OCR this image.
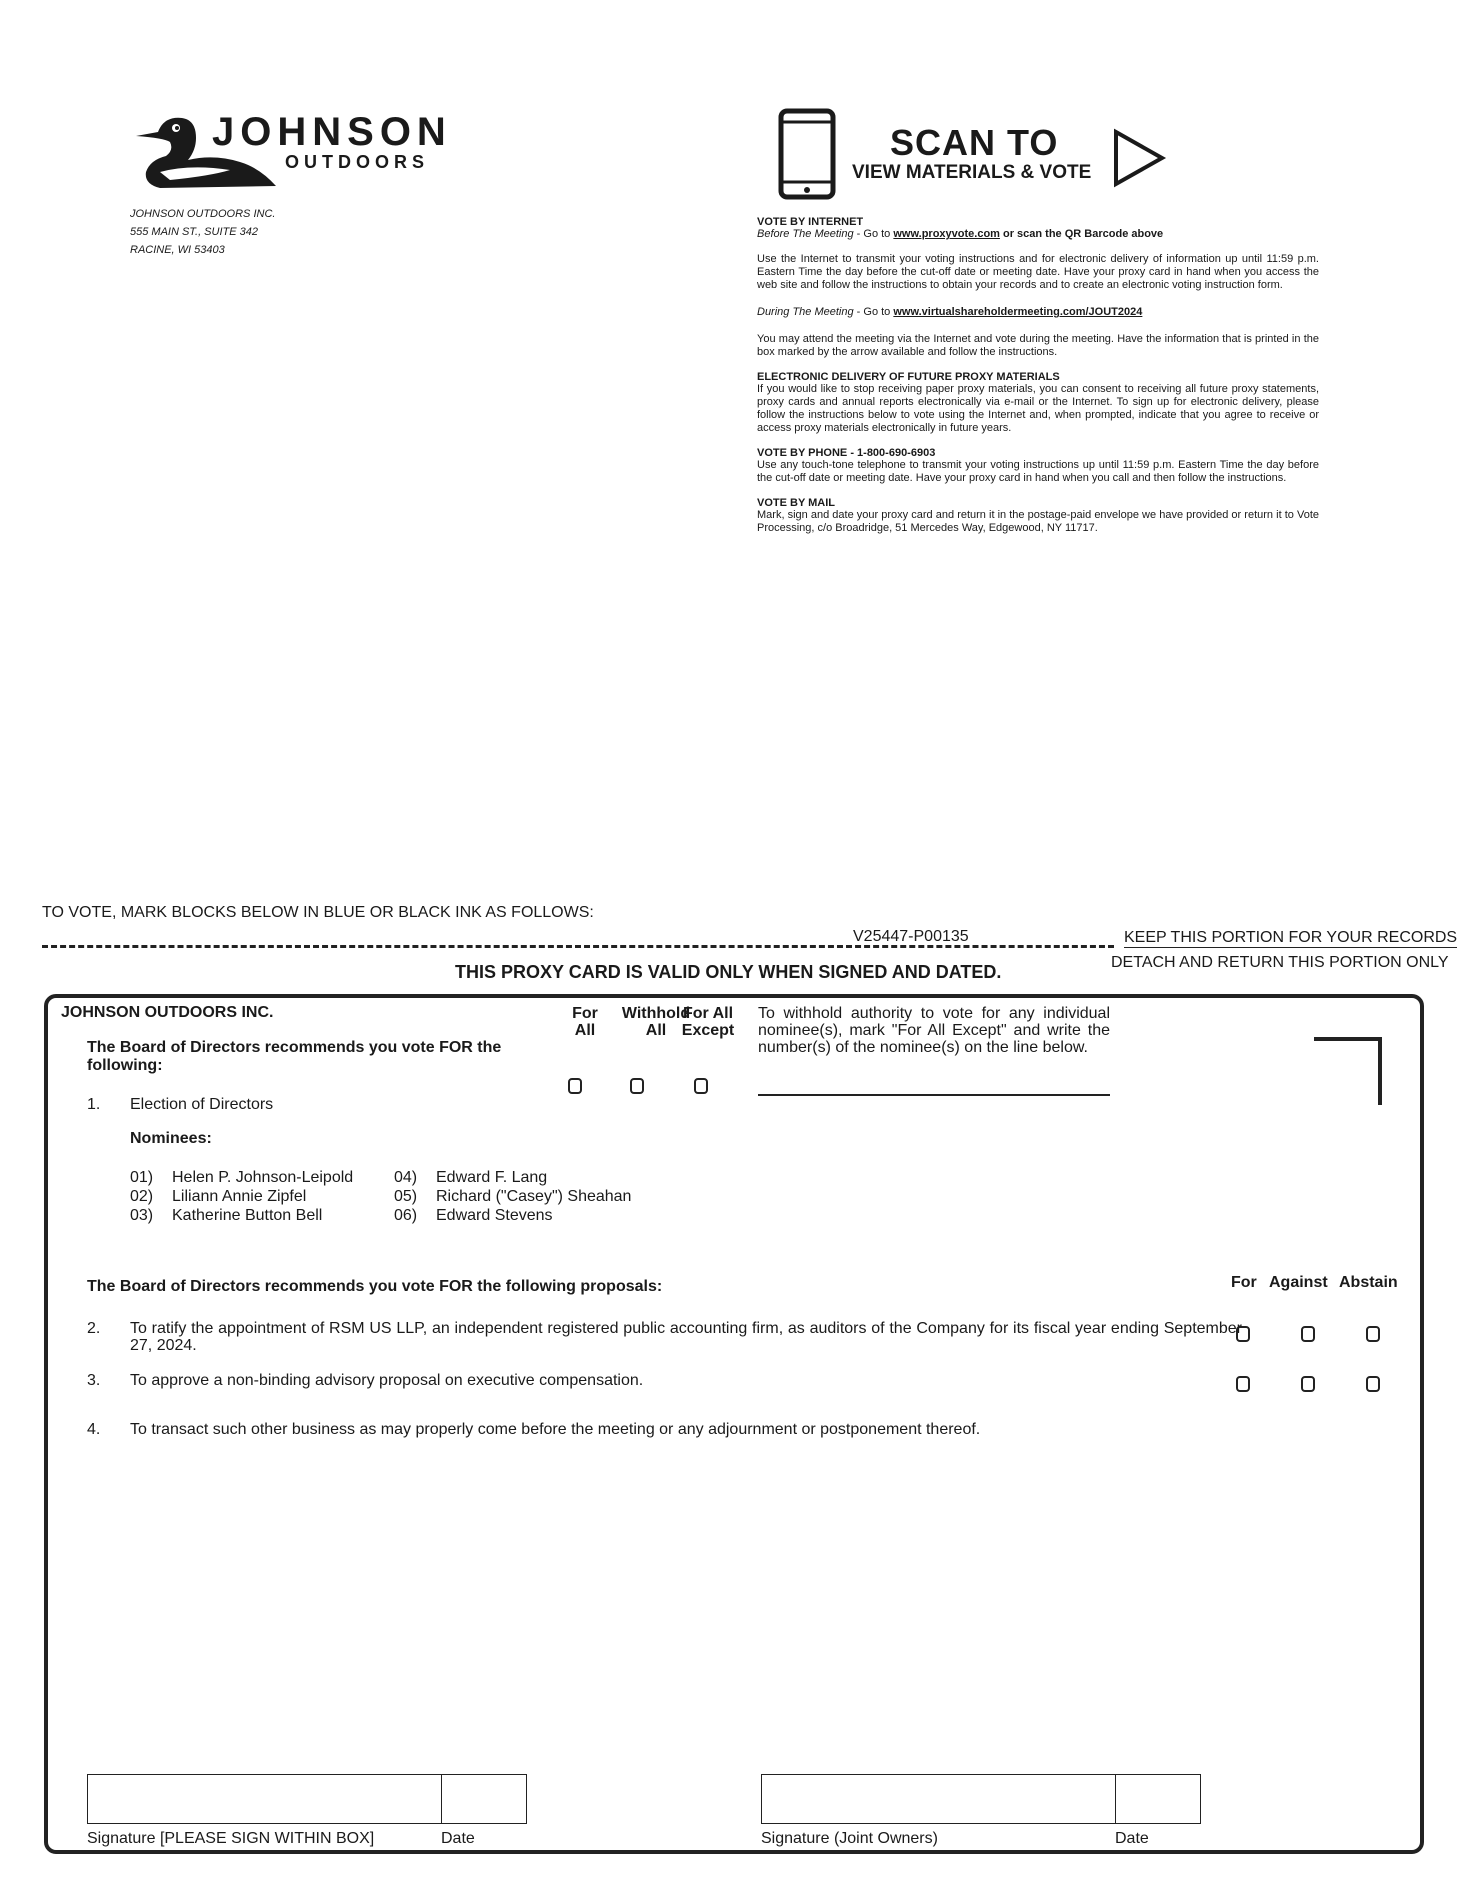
JOHNSON
OUTDOORS
JOHNSON OUTDOORS INC.
555 MAIN ST., SUITE 342
RACINE, WI 53403
SCAN TO
VIEW MATERIALS & VOTE
VOTE BY INTERNET
Before The Meeting - Go to www.proxyvote.com or scan the QR Barcode above
Use the Internet to transmit your voting instructions and for electronic delivery of information up until 11:59 p.m. Eastern Time the day before the cut-off date or meeting date. Have your proxy card in hand when you access the web site and follow the instructions to obtain your records and to create an electronic voting instruction form.
During The Meeting - Go to www.virtualshareholdermeeting.com/JOUT2024
You may attend the meeting via the Internet and vote during the meeting. Have the information that is printed in the box marked by the arrow available and follow the instructions.
ELECTRONIC DELIVERY OF FUTURE PROXY MATERIALS
If you would like to stop receiving paper proxy materials, you can consent to receiving all future proxy statements, proxy cards and annual reports electronically via e-mail or the Internet. To sign up for electronic delivery, please follow the instructions below to vote using the Internet and, when prompted, indicate that you agree to receive or access proxy materials electronically in future years.
VOTE BY PHONE - 1-800-690-6903
Use any touch-tone telephone to transmit your voting instructions up until 11:59 p.m. Eastern Time the day before the cut-off date or meeting date. Have your proxy card in hand when you call and then follow the instructions.
VOTE BY MAIL
Mark, sign and date your proxy card and return it in the postage-paid envelope we have provided or return it to Vote Processing, c/o Broadridge, 51 Mercedes Way, Edgewood, NY 11717.
TO VOTE, MARK BLOCKS BELOW IN BLUE OR BLACK INK AS FOLLOWS:
V25447-P00135	KEEP THIS PORTION FOR YOUR RECORDS
THIS PROXY CARD IS VALID ONLY WHEN SIGNED AND DATED.	DETACH AND RETURN THIS PORTION ONLY
JOHNSON OUTDOORS INC.
The Board of Directors recommends you vote FOR the following:
For
All
Withhold
All
For All
Except
To withhold authority to vote for any individual nominee(s), mark "For All Except" and write the number(s) of the nominee(s) on the line below.
1. Election of Directors
Nominees:
01) Helen P. Johnson-Leipold
02) Liliann Annie Zipfel
03) Katherine Button Bell
04) Edward F. Lang
05) Richard ("Casey") Sheahan
06) Edward Stevens
The Board of Directors recommends you vote FOR the following proposals:	For Against Abstain
2. To ratify the appointment of RSM US LLP, an independent registered public accounting firm, as auditors of the Company for its fiscal year ending September 27, 2024.
3. To approve a non-binding advisory proposal on executive compensation.
4. To transact such other business as may properly come before the meeting or any adjournment or postponement thereof.
Signature [PLEASE SIGN WITHIN BOX]	Date	Signature (Joint Owners)	Date
